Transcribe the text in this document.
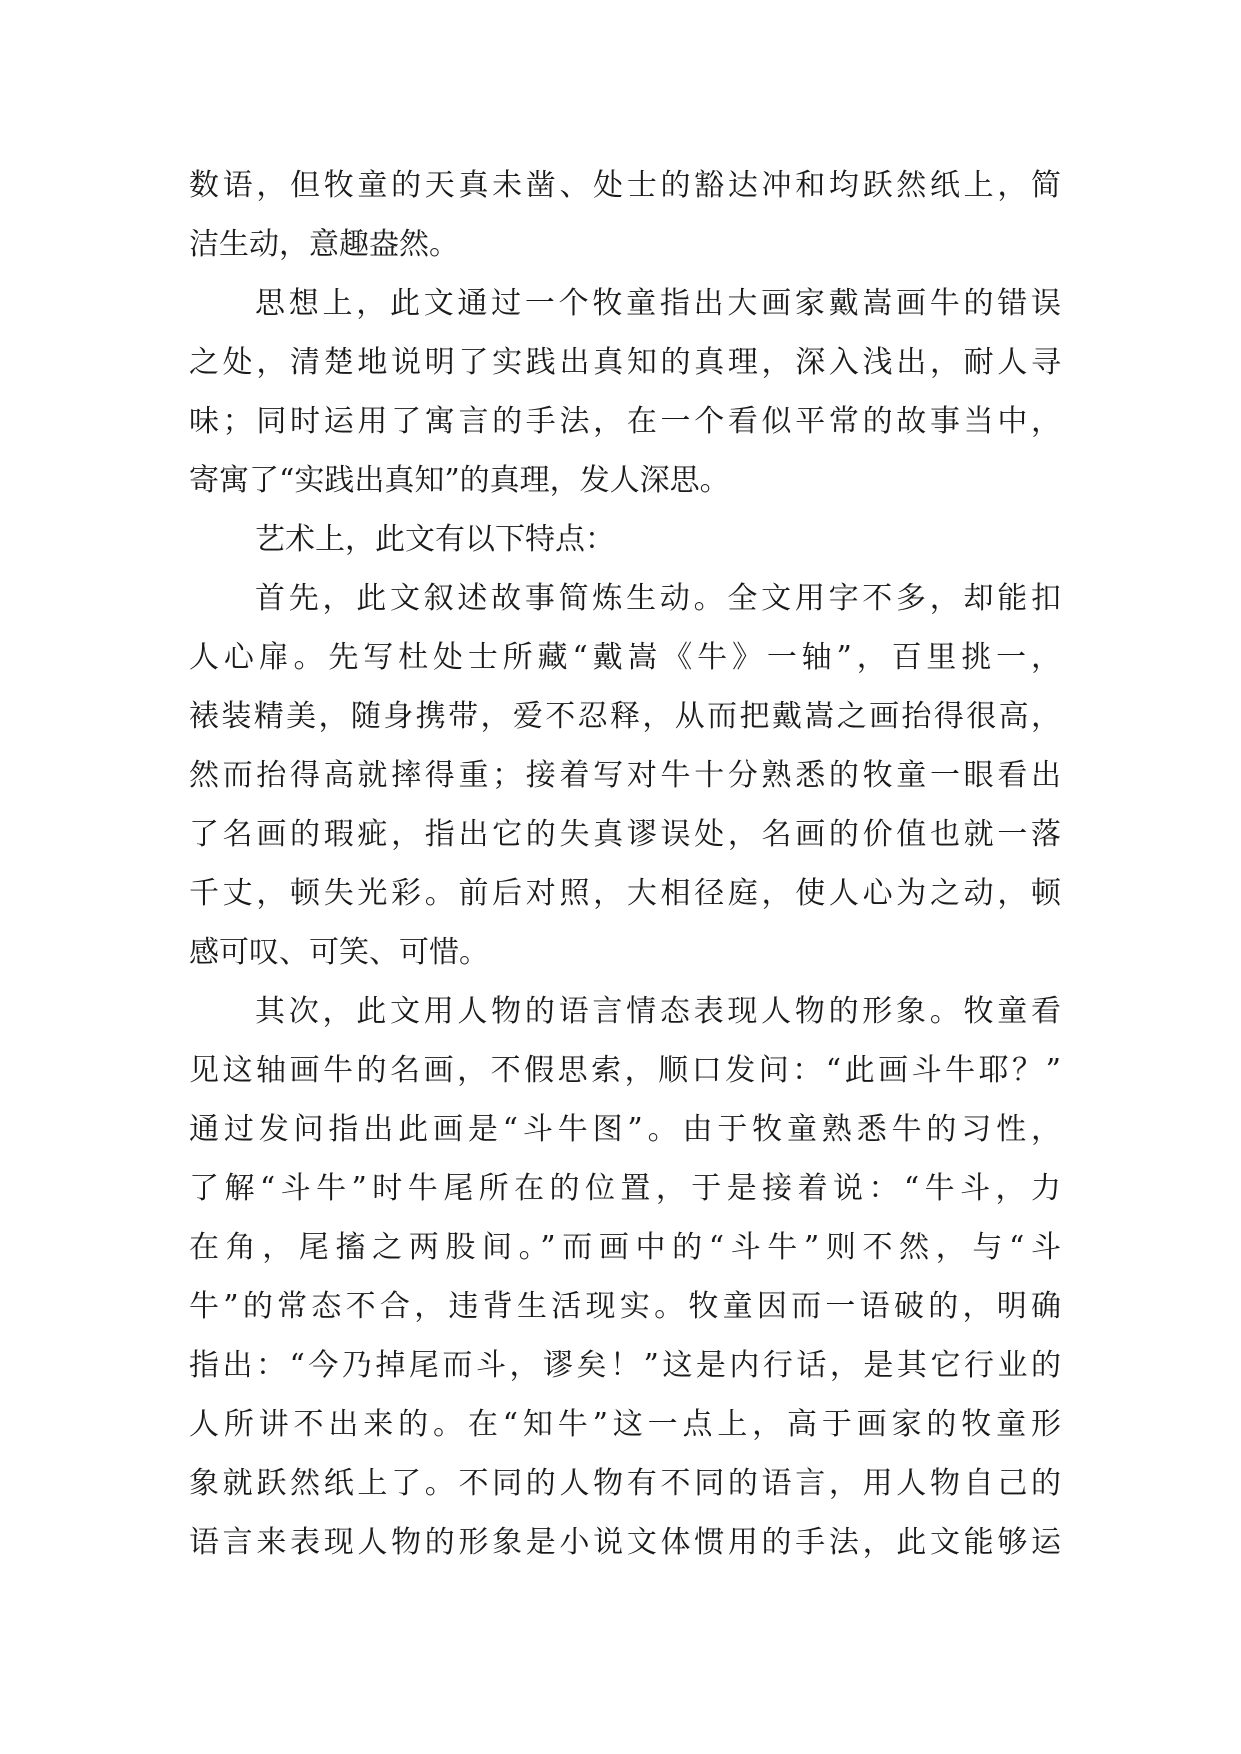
数语，但牧童的天真未凿、处士的豁达冲和均跃然纸上，简
洁生动，意趣盎然。
思想上，此文通过一个牧童指出大画家戴嵩画牛的错误
之处，清楚地说明了实践出真知的真理，深入浅出，耐人寻
味；同时运用了寓言的手法，在一个看似平常的故事当中，
寄寓了“实践出真知”的真理，发人深思。
艺术上，此文有以下特点：
首先，此文叙述故事简炼生动。全文用字不多，却能扣
人心扉。先写杜处士所藏“戴嵩《牛》一轴”，百里挑一，
裱装精美，随身携带，爱不忍释，从而把戴嵩之画抬得很高，
然而抬得高就摔得重；接着写对牛十分熟悉的牧童一眼看出
了名画的瑕疵，指出它的失真谬误处，名画的价值也就一落
千丈，顿失光彩。前后对照，大相径庭，使人心为之动，顿
感可叹、可笑、可惜。
其次，此文用人物的语言情态表现人物的形象。牧童看
见这轴画牛的名画，不假思索，顺口发问：“此画斗牛耶？”
通过发问指出此画是“斗牛图”。由于牧童熟悉牛的习性，
了解“斗牛”时牛尾所在的位置，于是接着说：“牛斗，力
在角，尾搐之两股间。”而画中的“斗牛”则不然，与“斗
牛”的常态不合，违背生活现实。牧童因而一语破的，明确
指出：“今乃掉尾而斗，谬矣！”这是内行话，是其它行业的
人所讲不出来的。在“知牛”这一点上，高于画家的牧童形
象就跃然纸上了。不同的人物有不同的语言，用人物自己的
语言来表现人物的形象是小说文体惯用的手法，此文能够运
